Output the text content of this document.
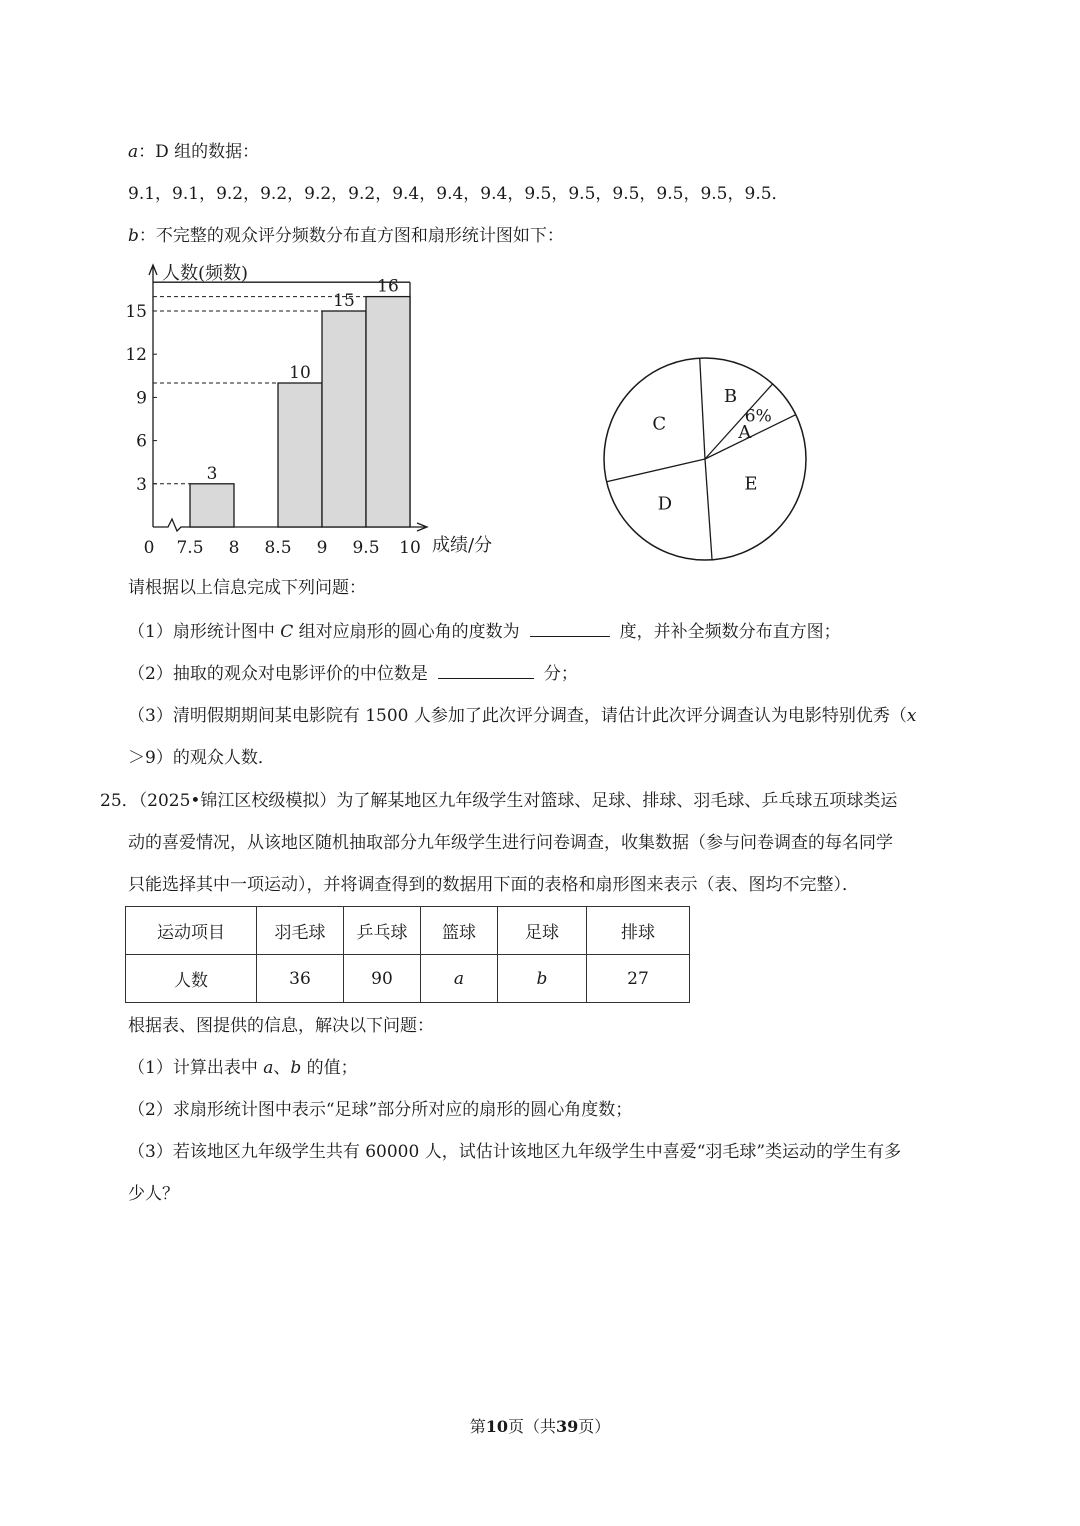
a：D 组的数据：
9.1，9.1，9.2，9.2，9.2，9.2，9.4，9.4，9.4，9.5，9.5，9.5，9.5，9.5，9.5．
b：不完整的观众评分频数分布直方图和扇形统计图如下：
人数(频数)
成绩/分
3
6
9
12
15
0 7.5 8 8.5 9 9.5 10
3
10
15
16
A
6%
B
C
D
E
请根据以上信息完成下列问题：
（1）扇形统计图中 C 组对应扇形的圆心角的度数为	度，并补全频数分布直方图；
（2）抽取的观众对电影评价的中位数是	分；
（3）清明假期期间某电影院有 1500 人参加了此次评分调查，请估计此次评分调查认为电影特别优秀（x
＞9）的观众人数．
25．（2025•锦江区校级模拟）为了解某地区九年级学生对篮球、足球、排球、羽毛球、乒乓球五项球类运
动的喜爱情况，从该地区随机抽取部分九年级学生进行问卷调查，收集数据（参与问卷调查的每名同学
只能选择其中一项运动），并将调查得到的数据用下面的表格和扇形图来表示（表、图均不完整）．
运动项目	羽毛球	乒乓球	篮球	足球	排球
人数	36	90	a	b	27
根据表、图提供的信息，解决以下问题：
（1）计算出表中 a、b 的值；
（2）求扇形统计图中表示“足球”部分所对应的扇形的圆心角度数；
（3）若该地区九年级学生共有 60000 人，试估计该地区九年级学生中喜爱“羽毛球”类运动的学生有多
少人？
第10页（共39页）
